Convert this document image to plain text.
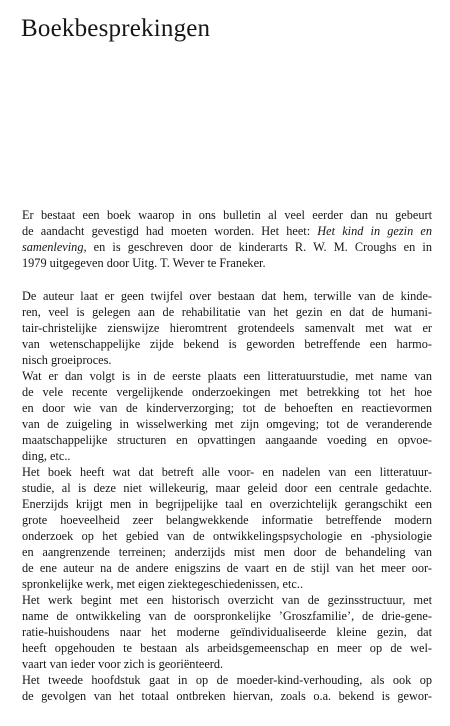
Boekbesprekingen
Er bestaat een boek waarop in ons bulletin al veel eerder dan nu gebeurt
de aandacht gevestigd had moeten worden. Het heet: Het kind in gezin en
samenleving, en is geschreven door de kinderarts R. W. M. Croughs en in
1979 uitgegeven door Uitg. T. Wever te Franeker.
De auteur laat er geen twijfel over bestaan dat hem, terwille van de kinde-
ren, veel is gelegen aan de rehabilitatie van het gezin en dat de humani-
tair-christelijke zienswijze hieromtrent grotendeels samenvalt met wat er
van wetenschappelijke zijde bekend is geworden betreffende een harmo-
nisch groeiproces.
Wat er dan volgt is in de eerste plaats een litteratuurstudie, met name van
de vele recente vergelijkende onderzoekingen met betrekking tot het hoe
en door wie van de kinderverzorging; tot de behoeften en reactievormen
van de zuigeling in wisselwerking met zijn omgeving; tot de veranderende
maatschappelijke structuren en opvattingen aangaande voeding en opvoe-
ding, etc..
Het boek heeft wat dat betreft alle voor- en nadelen van een litteratuur-
studie, al is deze niet willekeurig, maar geleid door een centrale gedachte.
Enerzijds krijgt men in begrijpelijke taal en overzichtelijk gerangschikt een
grote hoeveelheid zeer belangwekkende informatie betreffende modern
onderzoek op het gebied van de ontwikkelingspsychologie en -physiologie
en aangrenzende terreinen; anderzijds mist men door de behandeling van
de ene auteur na de andere enigszins de vaart en de stijl van het meer oor-
spronkelijke werk, met eigen ziektegeschiedenissen, etc..
Het werk begint met een historisch overzicht van de gezinsstructuur, met
name de ontwikkeling van de oorspronkelijke ’Groszfamilie’, de drie-gene-
ratie-huishoudens naar het moderne geïndividualiseerde kleine gezin, dat
heeft opgehouden te bestaan als arbeidsgemeenschap en meer op de wel-
vaart van ieder voor zich is georiënteerd.
Het tweede hoofdstuk gaat in op de moeder-kind-verhouding, als ook op
de gevolgen van het totaal ontbreken hiervan, zoals o.a. bekend is gewor-
